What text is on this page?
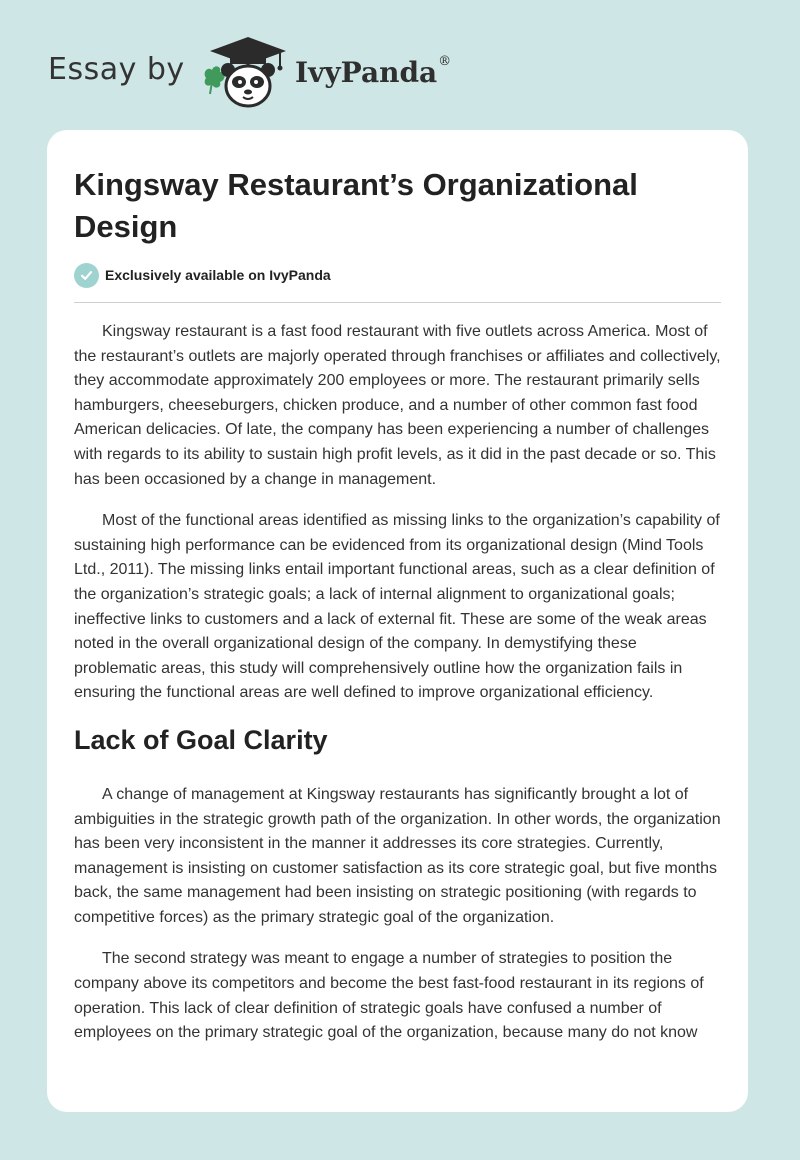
Essay by	IvyPanda®
Kingsway Restaurant’s Organizational Design
Exclusively available on IvyPanda

Kingsway restaurant is a fast food restaurant with five outlets across America. Most of the restaurant’s outlets are majorly operated through franchises or affiliates and collectively, they accommodate approximately 200 employees or more. The restaurant primarily sells hamburgers, cheeseburgers, chicken produce, and a number of other common fast food American delicacies. Of late, the company has been experiencing a number of challenges with regards to its ability to sustain high profit levels, as it did in the past decade or so. This has been occasioned by a change in management.

Most of the functional areas identified as missing links to the organization’s capability of sustaining high performance can be evidenced from its organizational design (Mind Tools Ltd., 2011). The missing links entail important functional areas, such as a clear definition of the organization’s strategic goals; a lack of internal alignment to organizational goals; ineffective links to customers and a lack of external fit. These are some of the weak areas noted in the overall organizational design of the company. In demystifying these problematic areas, this study will comprehensively outline how the organization fails in ensuring the functional areas are well defined to improve organizational efficiency.

Lack of Goal Clarity

A change of management at Kingsway restaurants has significantly brought a lot of ambiguities in the strategic growth path of the organization. In other words, the organization has been very inconsistent in the manner it addresses its core strategies. Currently, management is insisting on customer satisfaction as its core strategic goal, but five months back, the same management had been insisting on strategic positioning (with regards to competitive forces) as the primary strategic goal of the organization.

The second strategy was meant to engage a number of strategies to position the company above its competitors and become the best fast-food restaurant in its regions of operation. This lack of clear definition of strategic goals have confused a number of employees on the primary strategic goal of the organization, because many do not know
